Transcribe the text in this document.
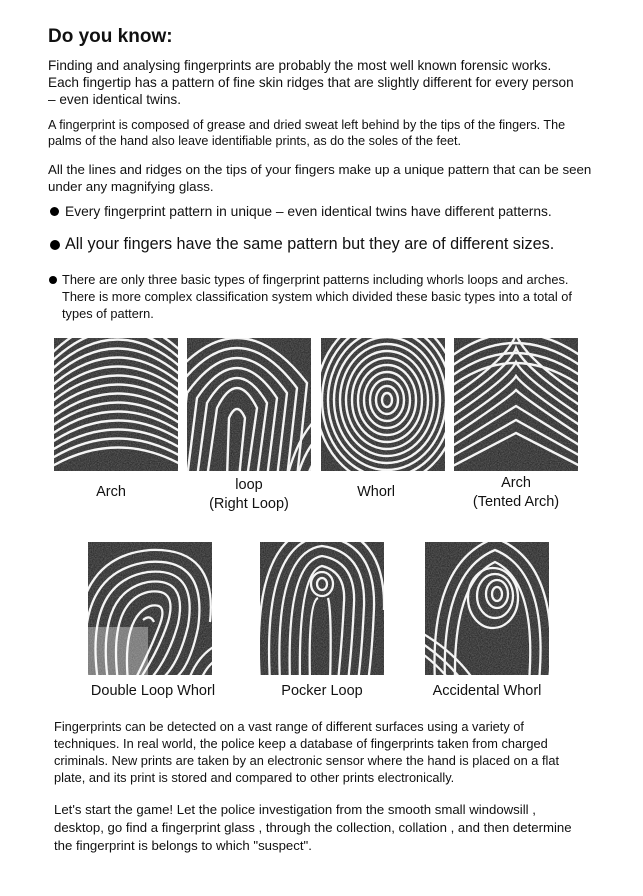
Do you know:

Finding and analysing fingerprints are probably the most well known forensic works. Each fingertip has a pattern of fine skin ridges that are slightly different for every person – even identical twins.

A fingerprint is composed of grease and dried sweat left behind by the tips of the fingers. The palms of the hand also leave identifiable prints, as do the soles of the feet.

All the lines and ridges on the tips of your fingers make up a unique pattern that can be seen under any magnifying glass.

Every fingerprint pattern in unique – even identical twins have different patterns.
All your fingers have the same pattern but they are of different sizes.
There are only three basic types of fingerprint patterns including whorls loops and arches. There is more complex classification system which divided these basic types into a total of types of pattern.
Arch	loop
(Right Loop)
Whorl
Arch
(Tented Arch)
Double Loop Whorl	Pocker Loop	Accidental Whorl

Fingerprints can be detected on a vast range of different surfaces using a variety of techniques. In real world, the police keep a database of fingerprints taken from charged criminals. New prints are taken by an electronic sensor where the hand is placed on a flat plate, and its print is stored and compared to other prints electronically.

Let's start the game! Let the police investigation from the smooth small windowsill , desktop, go find a fingerprint glass , through the collection, collation , and then determine the fingerprint is belongs to which "suspect".
